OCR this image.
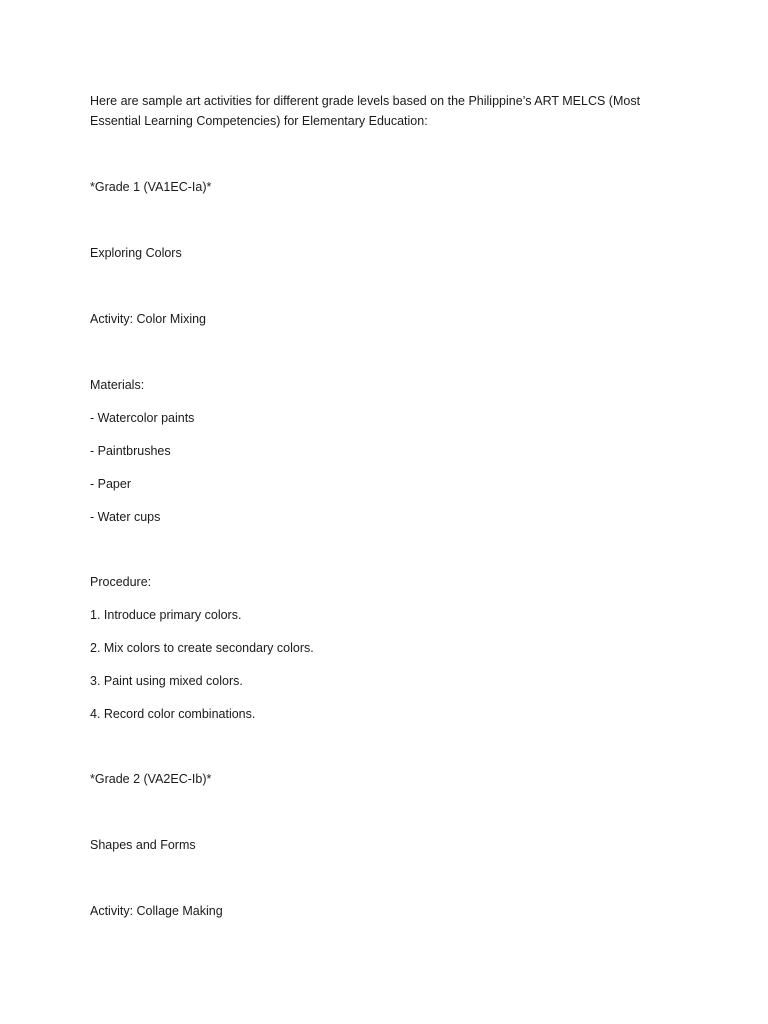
Here are sample art activities for different grade levels based on the Philippine’s ART MELCS (Most Essential Learning Competencies) for Elementary Education:
*Grade 1 (VA1EC-Ia)*
Exploring Colors
Activity: Color Mixing
Materials:
- Watercolor paints
- Paintbrushes
- Paper
- Water cups
Procedure:
1. Introduce primary colors.
2. Mix colors to create secondary colors.
3. Paint using mixed colors.
4. Record color combinations.
*Grade 2 (VA2EC-Ib)*
Shapes and Forms
Activity: Collage Making
